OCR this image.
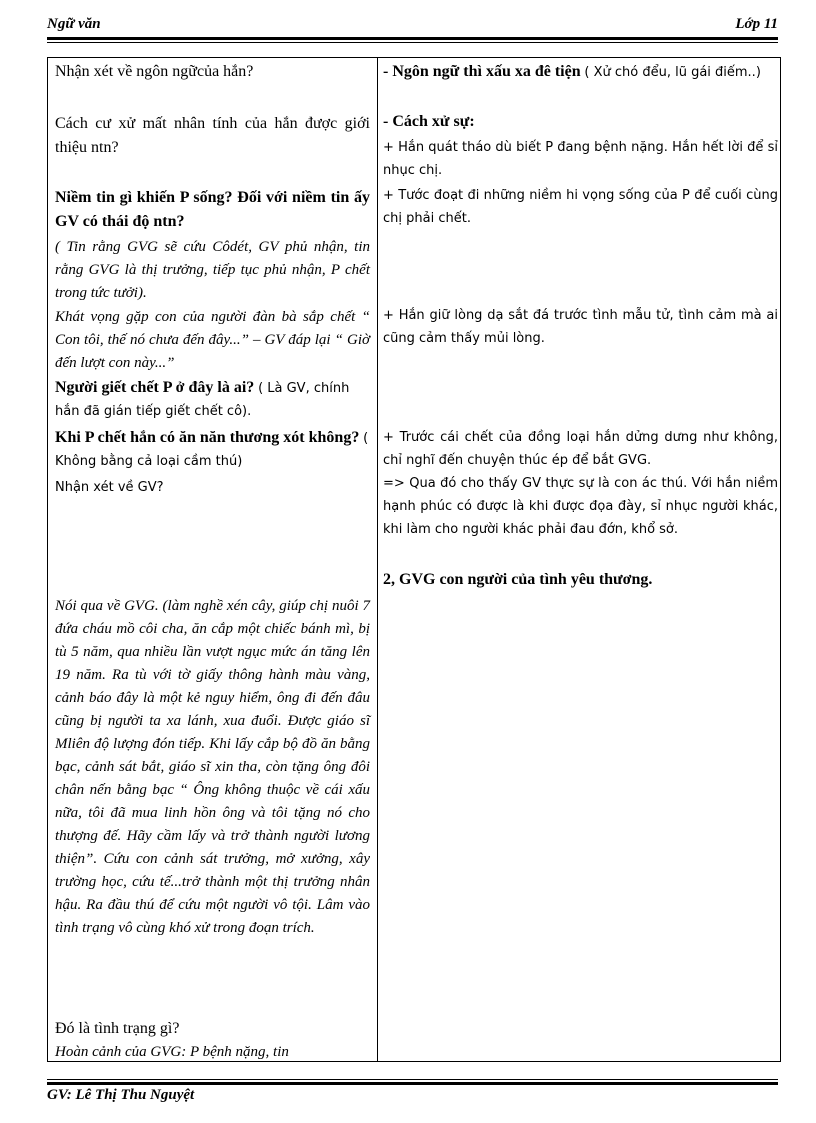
Ngữ văn	Lớp 11
Nhận xét về ngôn ngữcủa hắn?
Cách cư xử mất nhân tính của hắn được giới thiệu ntn?
Niềm tin gì khiến P sống? Đối với niềm tin ấy GV có thái độ ntn?
( Tin rằng GVG sẽ cứu Côdét, GV phủ nhận, tin rằng GVG là thị trưởng, tiếp tục phủ nhận, P chết trong tức tưởi).
Khát vọng gặp con của người đàn bà sắp chết “ Con tôi, thế nó chưa đến đây...” – GV đáp lại “ Giờ đến lượt con này...”
Người giết chết P ở đây là ai? ( Là GV, chính hắn đã gián tiếp giết chết cô).
Khi P chết hắn có ăn năn thương xót không? ( Không bằng cả loại cầm thú)
Nhận xét về GV?
Nói qua về GVG. (làm nghề xén cây, giúp chị nuôi 7 đứa cháu mồ côi cha, ăn cắp một chiếc bánh mì, bị tù 5 năm, qua nhiều lần vượt ngục mức án tăng lên 19 năm. Ra tù với tờ giấy thông hành màu vàng, cảnh báo đây là một kẻ nguy hiểm, ông đi đến đâu cũng bị người ta xa lánh, xua đuổi. Được giáo sĩ Mliên độ lượng đón tiếp. Khi lấy cắp bộ đồ ăn bằng bạc, cảnh sát bắt, giáo sĩ xin tha, còn tặng ông đôi chân nến bằng bạc “ Ông không thuộc về cái xấu nữa, tôi đã mua linh hồn ông và tôi tặng nó cho thượng đế. Hãy cầm lấy và trở thành người lương thiện”. Cứu con cảnh sát trưởng, mở xưởng, xây trường học, cứu tế...trở thành một thị trưởng nhân hậu. Ra đầu thú để cứu một người vô tội. Lâm vào tình trạng vô cùng khó xử trong đoạn trích.
Đó là tình trạng gì?
Hoàn cảnh của GVG: P bệnh nặng, tin
- Ngôn ngữ thì xấu xa đê tiện ( Xử chó đểu, lũ gái điếm..)
- Cách xử sự:
+ Hắn quát tháo dù biết P đang bệnh nặng. Hắn hết lời để sỉ nhục chị.
+ Tước đoạt đi những niềm hi vọng sống của P để cuối cùng chị phải chết.
+ Hắn giữ lòng dạ sắt đá trước tình mẫu tử, tình cảm mà ai cũng cảm thấy mủi lòng.
+ Trước cái chết của đồng loại hắn dửng dưng như không, chỉ nghĩ đến chuyện thúc ép để bắt GVG.
=> Qua đó cho thấy GV thực sự là con ác thú. Với hắn niềm hạnh phúc có được là khi được đọa đày, sỉ nhục người khác, khi làm cho người khác phải đau đớn, khổ sở.
2, GVG con người của tình yêu thương.
GV: Lê Thị Thu Nguyệt
